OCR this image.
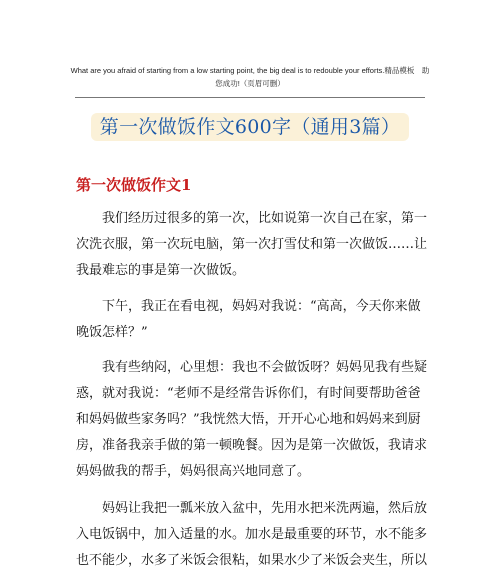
What are you afraid of starting from a low starting point, the big deal is to redouble your efforts.精品模板　助
您成功!（页眉可删）
第一次做饭作文600字（通用3篇）
第一次做饭作文1

　　我们经历过很多的第一次，比如说第一次自己在家，第一
次洗衣服，第一次玩电脑，第一次打雪仗和第一次做饭……让
我最难忘的事是第一次做饭。

　　下午，我正在看电视，妈妈对我说：“高高，今天你来做
晚饭怎样？”

　　我有些纳闷，心里想：我也不会做饭呀？妈妈见我有些疑
惑，就对我说：“老师不是经常告诉你们，有时间要帮助爸爸
和妈妈做些家务吗？”我恍然大悟，开开心心地和妈妈来到厨
房，准备我亲手做的第一顿晚餐。因为是第一次做饭，我请求
妈妈做我的帮手，妈妈很高兴地同意了。

　　妈妈让我把一瓢米放入盆中，先用水把米洗两遍，然后放
入电饭锅中，加入适量的水。加水是最重要的环节，水不能多
也不能少，水多了米饭会很粘，如果水少了米饭会夹生，所以
